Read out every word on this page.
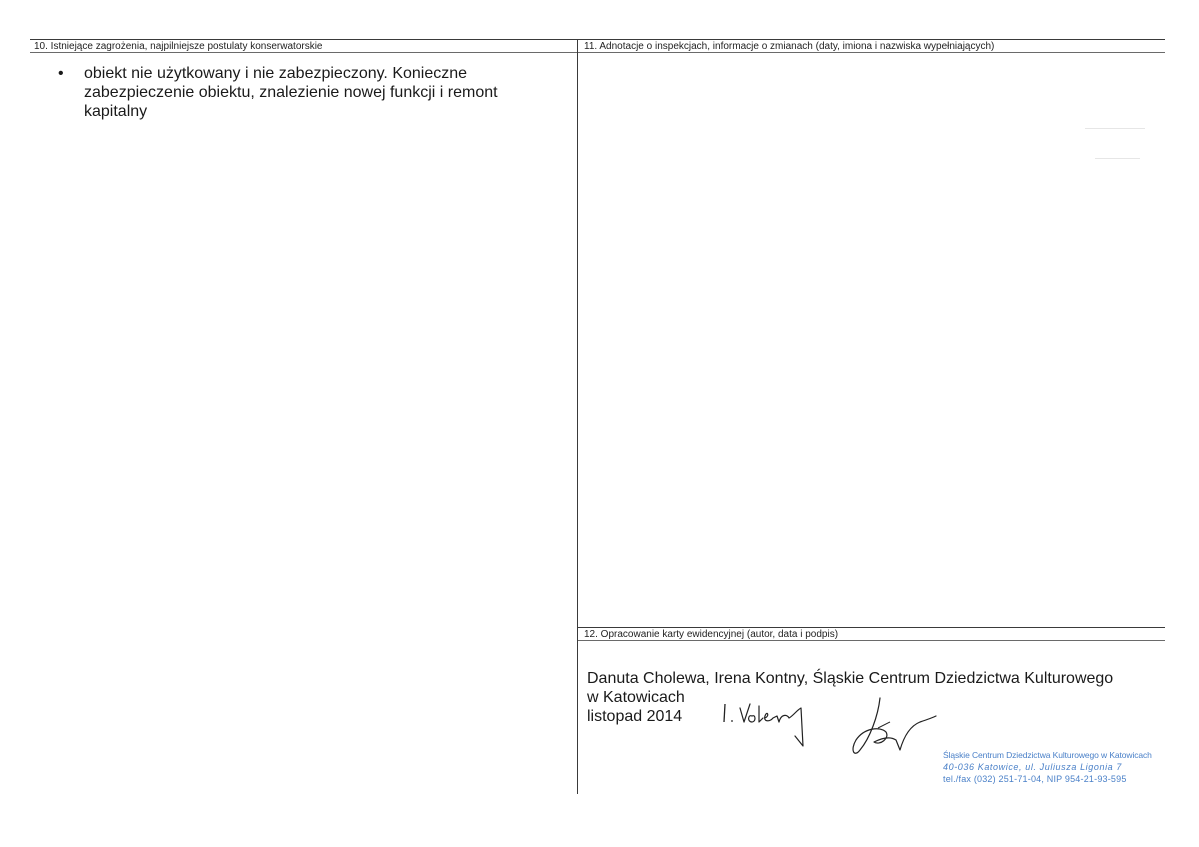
10. Istniejące zagrożenia, najpilniejsze postulaty konserwatorskie
• obiekt nie użytkowany i nie zabezpieczony. Konieczne zabezpieczenie obiektu, znalezienie nowej funkcji i remont kapitalny
11. Adnotacje o inspekcjach, informacje o zmianach (daty, imiona i nazwiska wypełniających)
12. Opracowanie karty ewidencyjnej (autor, data i podpis)
Danuta Cholewa, Irena Kontny, Śląskie Centrum Dziedzictwa Kulturowego
w Katowicach
listopad 2014
Śląskie Centrum Dziedzictwa Kulturowego w Katowicach
40-036 Katowice, ul. Juliusza Ligonia 7
tel./fax (032) 251-71-04, NIP 954-21-93-595
